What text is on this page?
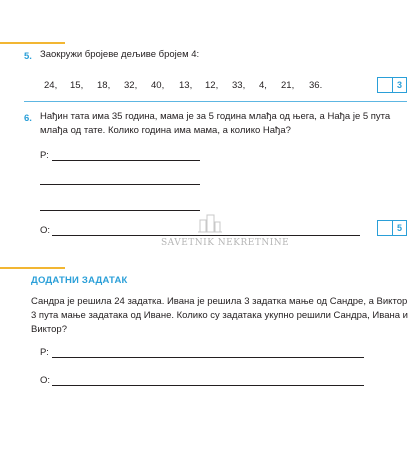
5. Заокружи бројеве дељиве бројем 4:
24, 15, 18, 32, 40, 13, 12, 33, 4, 21, 36.	3
6. Нађин тата има 35 година, мама је за 5 година млађа од њега, а Нађа је 5 пута
млађа од тате. Колико година има мама, а колико Нађа?
Р:
О:	5
SAVETNIK NEKRETNINE
ДОДАТНИ ЗАДАТАК
Сандра је решила 24 задатка. Ивана је решила 3 задатка мање од Сандре, а Виктор
3 пута мање задатака од Иване. Колико су задатака укупно решили Сандра, Ивана и
Виктор?
Р:
О:
